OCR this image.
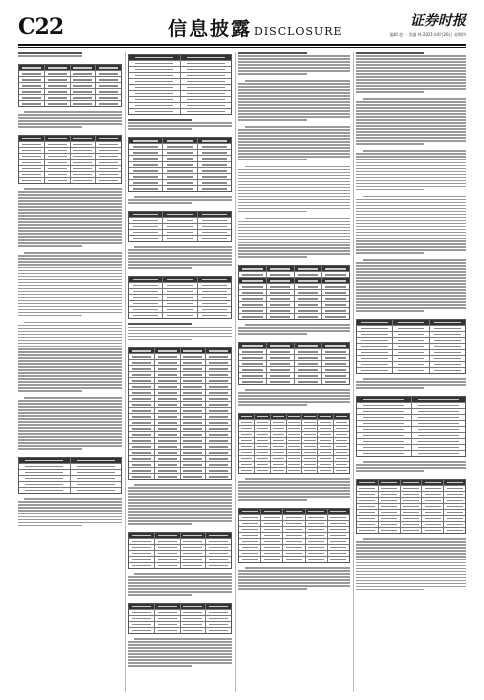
C22	信息披露 DISCLOSURE
证券时报
编辑 赵一 美编 林 2021年8月26日 星期四
